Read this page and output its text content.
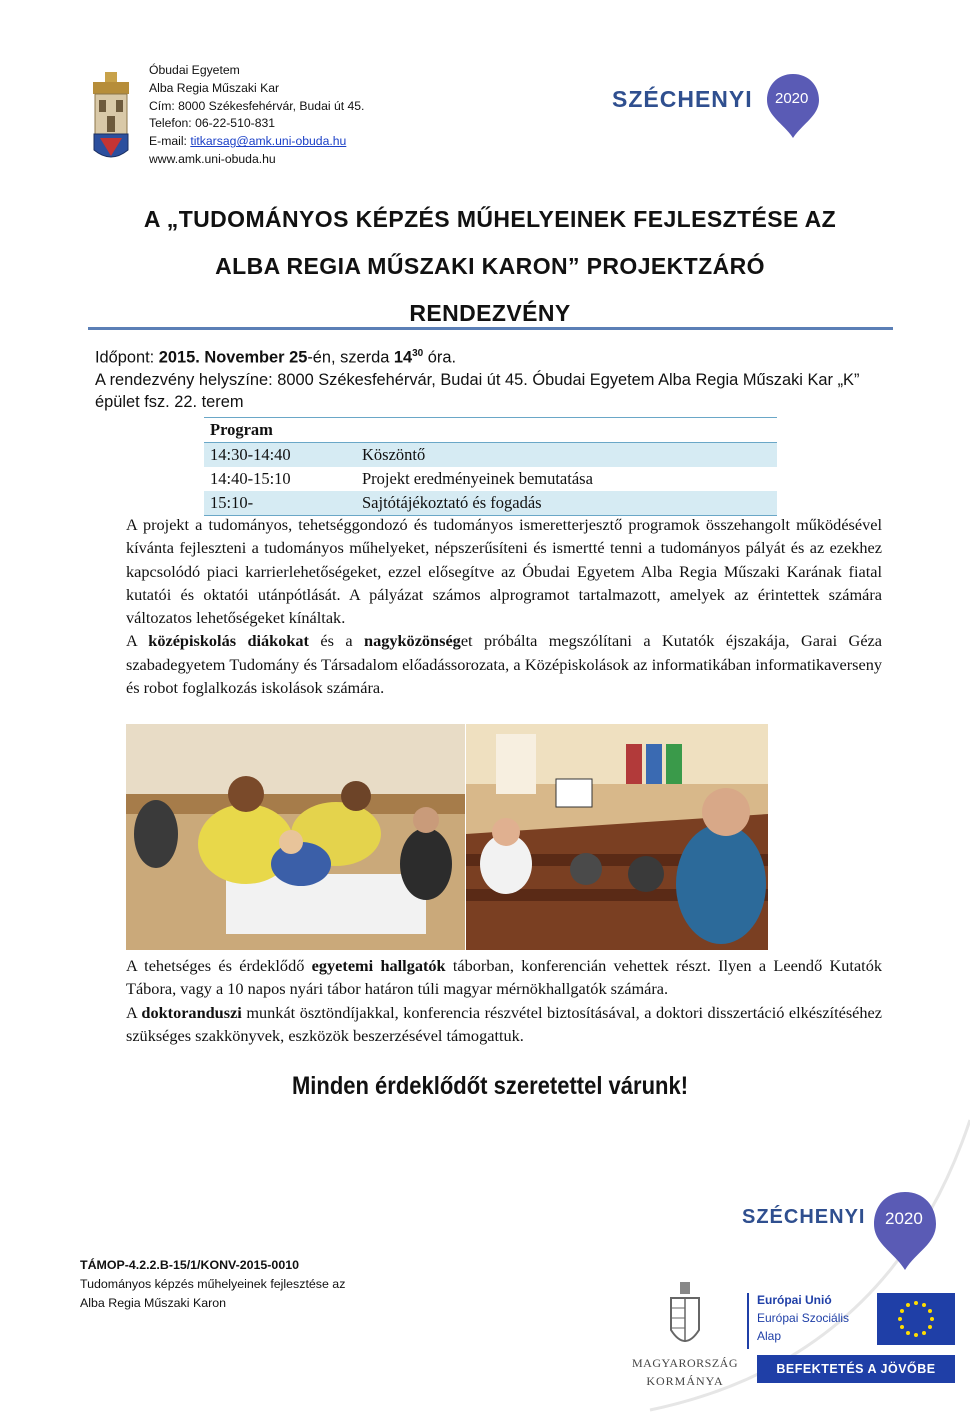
Óbudai Egyetem
Alba Regia Műszaki Kar
Cím: 8000 Székesfehérvár, Budai út 45.
Telefon: 06-22-510-831
E-mail: titkarsag@amk.uni-obuda.hu
www.amk.uni-obuda.hu
SZÉCHENYI 2020
A „TUDOMÁNYOS KÉPZÉS MŰHELYEINEK FEJLESZTÉSE AZ
ALBA REGIA MŰSZAKI KARON” PROJEKTZÁRÓ
RENDEZVÉNY
Időpont: 2015. November 25-én, szerda $14^{30}$ óra.
A rendezvény helyszíne: 8000 Székesfehérvár, Budai út 45. Óbudai Egyetem Alba Regia Műszaki Kar „K” épület fsz. 22. terem
Program	
14:30-14:40	Köszöntő
14:40-15:10	Projekt eredményeinek bemutatása
15:10-	Sajtótájékoztató és fogadás

A projekt a tudományos, tehetséggondozó és tudományos ismeretterjesztő programok összehangolt működésével kívánta fejleszteni a tudományos műhelyeket, népszerűsíteni és ismertté tenni a tudományos pályát és az ezekhez kapcsolódó piaci karrierlehetőségeket, ezzel elősegítve az Óbudai Egyetem Alba Regia Műszaki Karának fiatal kutatói és oktatói utánpótlását. A pályázat számos alprogramot tartalmazott, amelyek az érintettek számára változatos lehetőségeket kínáltak.

A középiskolás diákokat és a nagyközönséget próbálta megszólítani a Kutatók éjszakája, Garai Géza szabadegyetem Tudomány és Társadalom előadássorozata, a Középiskolások az informatikában informatikaverseny és robot foglalkozás iskolások számára.

A tehetséges és érdeklődő egyetemi hallgatók táborban, konferencián vehettek részt. Ilyen a Leendő Kutatók Tábora, vagy a 10 napos nyári tábor határon túli magyar mérnökhallgatók számára.

A doktoranduszi munkát ösztöndíjakkal, konferencia részvétel biztosításával, a doktori disszertáció elkészítéséhez szükséges szakkönyvek, eszközök beszerzésével támogattuk.

Minden érdeklődőt szeretettel várunk!
TÁMOP-4.2.2.B-15/1/KONV-2015-0010
Tudományos képzés műhelyeinek fejlesztése az
Alba Regia Műszaki Karon
SZÉCHENYI 2020
MAGYARORSZÁG
KORMÁNYA
Európai Unió
Európai Szociális
Alap
BEFEKTETÉS A JÖVŐBE
